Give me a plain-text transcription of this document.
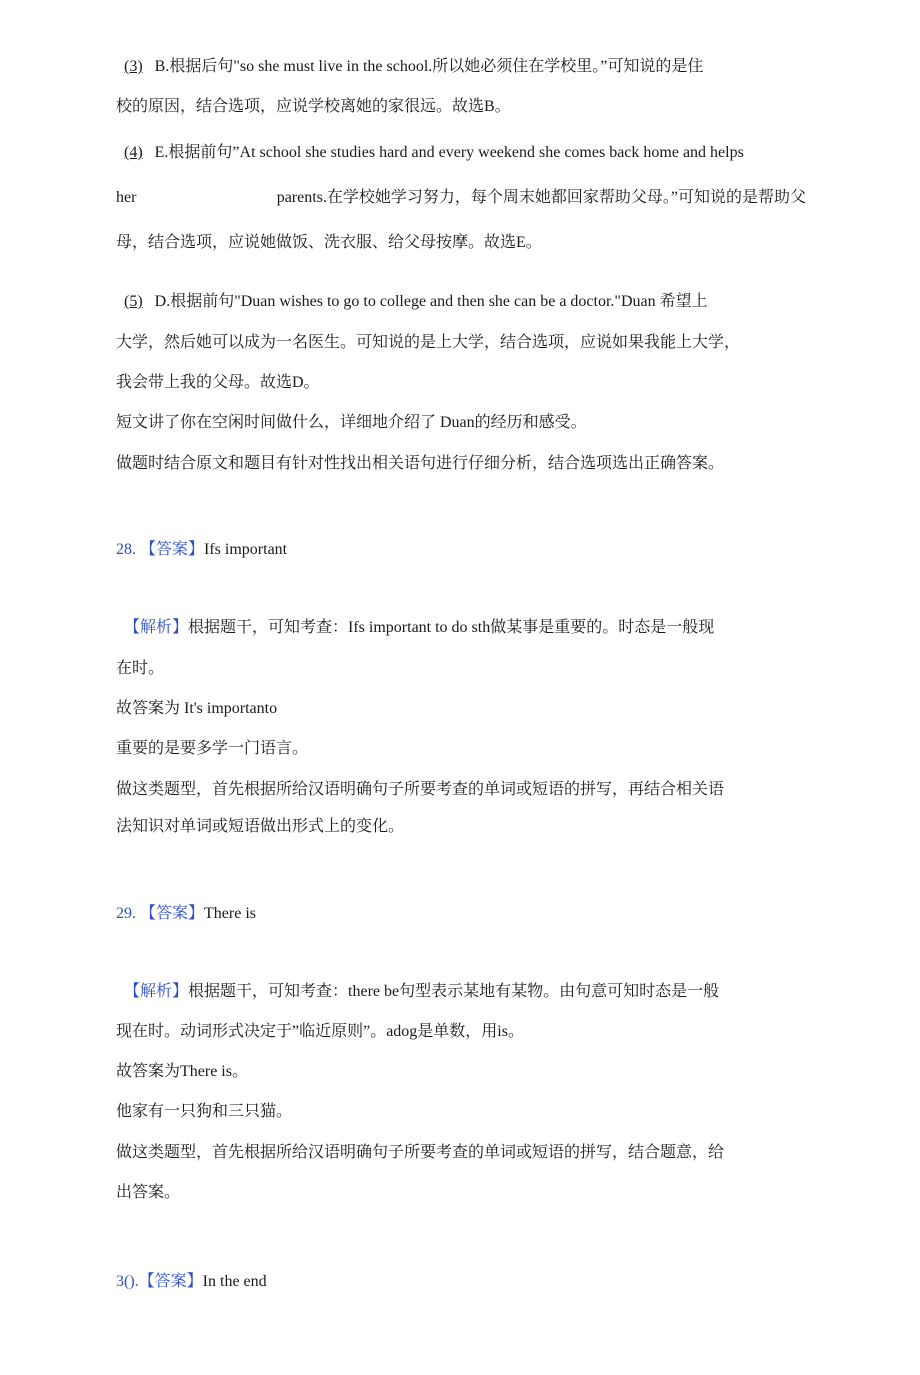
(3) B.根据后句"so she must live in the school.所以她必须住在学校里。”可知说的是住
校的原因，结合选项，应说学校离她的家很远。故选B。
(4) E.根据前句”At school she studies hard and every weekend she comes back home and helps
her	parents.在学校她学习努力，每个周末她都回家帮助父母。”可知说的是帮助父
母，结合选项，应说她做饭、洗衣服、给父母按摩。故选E。
(5) D.根据前句"Duan wishes to go to college and then she can be a doctor."Duan 希望上
大学，然后她可以成为一名医生。可知说的是上大学，结合选项，应说如果我能上大学，
我会带上我的父母。故选D。
短文讲了你在空闲时间做什么，详细地介绍了 Duan的经历和感受。
做题时结合原文和题目有针对性找出相关语句进行仔细分析，结合选项选出正确答案。
28. 【答案】Ifs important
【解析】根据题干，可知考查：Ifs important to do sth做某事是重要的。时态是一般现
在时。
故答案为 It's importanto
重要的是要多学一门语言。
做这类题型，首先根据所给汉语明确句子所要考查的单词或短语的拼写，再结合相关语
法知识对单词或短语做出形式上的变化。
29. 【答案】There is
【解析】根据题干，可知考查：there be句型表示某地有某物。由句意可知时态是一般
现在时。动词形式决定于”临近原则”。adog是单数，用is。
故答案为There is。
他家有一只狗和三只猫。
做这类题型，首先根据所给汉语明确句子所要考查的单词或短语的拼写，结合题意，给
出答案。
3().【答案】In the end
